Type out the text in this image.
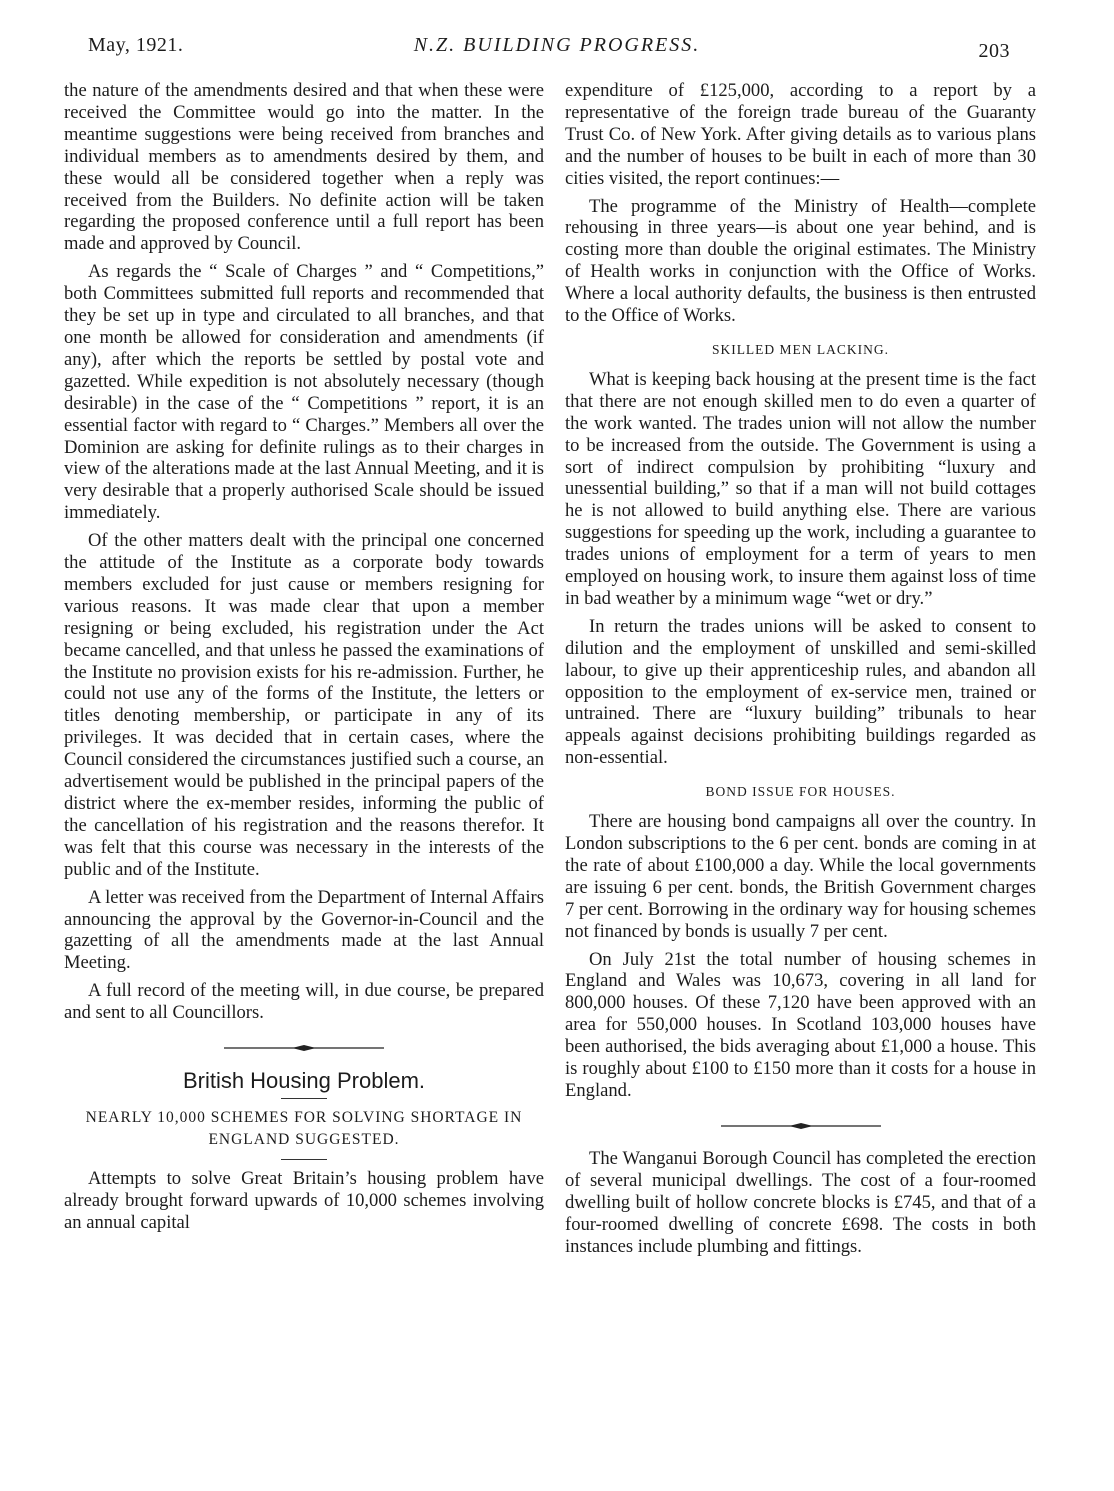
May, 1921.	N.Z. BUILDING PROGRESS.	203

the nature of the amendments desired and that when these were received the Committee would go into the matter. In the meantime suggestions were being received from branches and individual members as to amendments desired by them, and these would all be considered together when a reply was received from the Builders. No definite action will be taken regarding the proposed conference until a full report has been made and approved by Council.

As regards the “ Scale of Charges ” and “ Competitions,” both Committees submitted full reports and recommended that they be set up in type and circulated to all branches, and that one month be allowed for consideration and amendments (if any), after which the reports be settled by postal vote and gazetted. While expedition is not absolutely necessary (though desirable) in the case of the “ Competitions ” report, it is an essential factor with regard to “ Charges.” Members all over the Dominion are asking for definite rulings as to their charges in view of the alterations made at the last Annual Meeting, and it is very desirable that a properly authorised Scale should be issued immediately.

Of the other matters dealt with the principal one concerned the attitude of the Institute as a corporate body towards members excluded for just cause or members resigning for various reasons. It was made clear that upon a member resigning or being excluded, his registration under the Act became cancelled, and that unless he passed the examinations of the Institute no provision exists for his re-admission. Further, he could not use any of the forms of the Institute, the letters or titles denoting membership, or participate in any of its privileges. It was decided that in certain cases, where the Council considered the circumstances justified such a course, an advertisement would be published in the principal papers of the district where the ex-member resides, informing the public of the cancellation of his registration and the reasons therefor. It was felt that this course was necessary in the interests of the public and of the Institute.

A letter was received from the Department of Internal Affairs announcing the approval by the Governor-in-Council and the gazetting of all the amendments made at the last Annual Meeting.

A full record of the meeting will, in due course, be prepared and sent to all Councillors.

British Housing Problem.
NEARLY 10,000 SCHEMES FOR SOLVING SHORTAGE IN ENGLAND SUGGESTED.

Attempts to solve Great Britain’s housing problem have already brought forward upwards of 10,000 schemes involving an annual capital

expenditure of £125,000, according to a report by a representative of the foreign trade bureau of the Guaranty Trust Co. of New York. After giving details as to various plans and the number of houses to be built in each of more than 30 cities visited, the report continues:—

The programme of the Ministry of Health—complete rehousing in three years—is about one year behind, and is costing more than double the original estimates. The Ministry of Health works in conjunction with the Office of Works. Where a local authority defaults, the business is then entrusted to the Office of Works.

SKILLED MEN LACKING.

What is keeping back housing at the present time is the fact that there are not enough skilled men to do even a quarter of the work wanted. The trades union will not allow the number to be increased from the outside. The Government is using a sort of indirect compulsion by prohibiting “luxury and unessential building,” so that if a man will not build cottages he is not allowed to build anything else. There are various suggestions for speeding up the work, including a guarantee to trades unions of employment for a term of years to men employed on housing work, to insure them against loss of time in bad weather by a minimum wage “wet or dry.”

In return the trades unions will be asked to consent to dilution and the employment of unskilled and semi-skilled labour, to give up their apprenticeship rules, and abandon all opposition to the employment of ex-service men, trained or untrained. There are “luxury building” tribunals to hear appeals against decisions prohibiting buildings regarded as non-essential.

BOND ISSUE FOR HOUSES.

There are housing bond campaigns all over the country. In London subscriptions to the 6 per cent. bonds are coming in at the rate of about £100,000 a day. While the local governments are issuing 6 per cent. bonds, the British Government charges 7 per cent. Borrowing in the ordinary way for housing schemes not financed by bonds is usually 7 per cent.

On July 21st the total number of housing schemes in England and Wales was 10,673, covering in all land for 800,000 houses. Of these 7,120 have been approved with an area for 550,000 houses. In Scotland 103,000 houses have been authorised, the bids averaging about £1,000 a house. This is roughly about £100 to £150 more than it costs for a house in England.

The Wanganui Borough Council has completed the erection of several municipal dwellings. The cost of a four-roomed dwelling built of hollow concrete blocks is £745, and that of a four-roomed dwelling of concrete £698. The costs in both instances include plumbing and fittings.
